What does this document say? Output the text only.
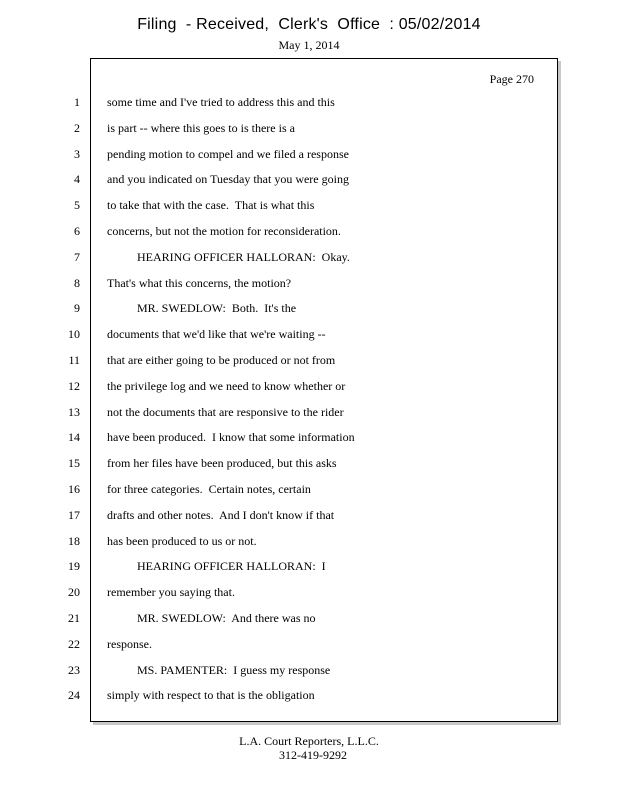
Filing  - Received,  Clerk's  Office  : 05/02/2014
May 1, 2014
Page 270
1 some time and I've tried to address this and this
2 is part -- where this goes to is there is a
3 pending motion to compel and we filed a response
4 and you indicated on Tuesday that you were going
5 to take that with the case.  That is what this
6 concerns, but not the motion for reconsideration.
7 HEARING OFFICER HALLORAN:  Okay.
8 That's what this concerns, the motion?
9 MR. SWEDLOW:  Both.  It's the
10 documents that we'd like that we're waiting --
11 that are either going to be produced or not from
12 the privilege log and we need to know whether or
13 not the documents that are responsive to the rider
14 have been produced.  I know that some information
15 from her files have been produced, but this asks
16 for three categories.  Certain notes, certain
17 drafts and other notes.  And I don't know if that
18 has been produced to us or not.
19 HEARING OFFICER HALLORAN:  I
20 remember you saying that.
21 MR. SWEDLOW:  And there was no
22 response.
23 MS. PAMENTER:  I guess my response
24 simply with respect to that is the obligation
L.A. Court Reporters, L.L.C.
312-419-9292
